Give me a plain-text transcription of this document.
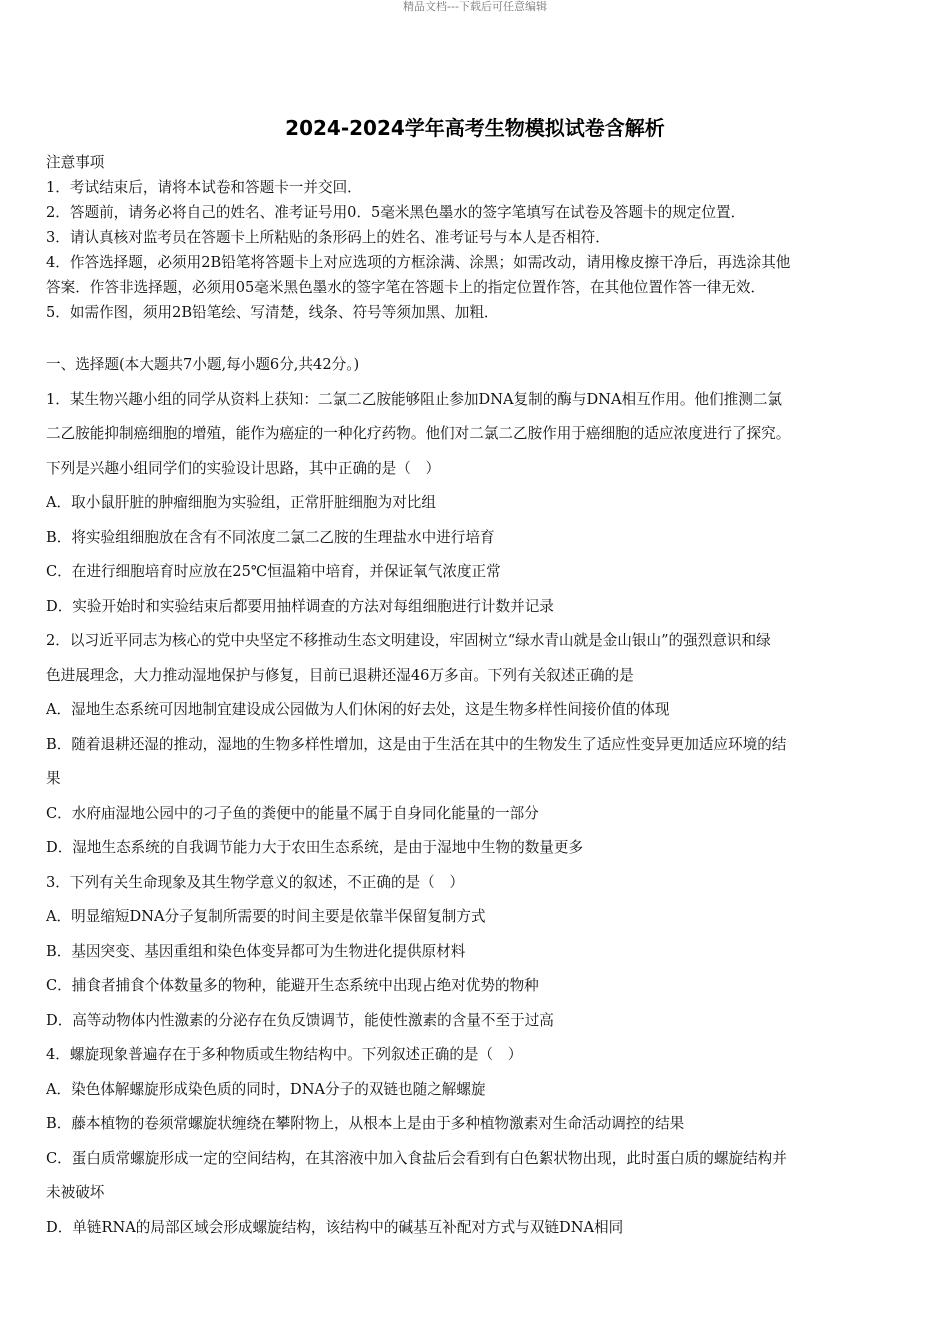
精品文档---下载后可任意编辑
2024-2024学年高考生物模拟试卷含解析
注意事项
1．考试结束后，请将本试卷和答题卡一并交回．
2．答题前，请务必将自己的姓名、准考证号用0．5毫米黑色墨水的签字笔填写在试卷及答题卡的规定位置．
3．请认真核对监考员在答题卡上所粘贴的条形码上的姓名、准考证号与本人是否相符．
4．作答选择题，必须用2B铅笔将答题卡上对应选项的方框涂满、涂黑；如需改动，请用橡皮擦干净后，再选涂其他
答案．作答非选择题，必须用05毫米黑色墨水的签字笔在答题卡上的指定位置作答，在其他位置作答一律无效．
5．如需作图，须用2B铅笔绘、写清楚，线条、符号等须加黑、加粗．
一、选择题(本大题共7小题,每小题6分,共42分。)
1．某生物兴趣小组的同学从资料上获知：二氯二乙胺能够阻止参加DNA复制的酶与DNA相互作用。他们推测二氯
二乙胺能抑制癌细胞的增殖，能作为癌症的一种化疗药物。他们对二氯二乙胺作用于癌细胞的适应浓度进行了探究。
下列是兴趣小组同学们的实验设计思路，其中正确的是（　）
A．取小鼠肝脏的肿瘤细胞为实验组，正常肝脏细胞为对比组
B．将实验组细胞放在含有不同浓度二氯二乙胺的生理盐水中进行培育
C．在进行细胞培育时应放在25℃恒温箱中培育，并保证氧气浓度正常
D．实验开始时和实验结束后都要用抽样调查的方法对每组细胞进行计数并记录
2．以习近平同志为核心的党中央坚定不移推动生态文明建设，牢固树立“绿水青山就是金山银山”的强烈意识和绿
色进展理念，大力推动湿地保护与修复，目前已退耕还湿46万多亩。下列有关叙述正确的是
A．湿地生态系统可因地制宜建设成公园做为人们休闲的好去处，这是生物多样性间接价值的体现
B．随着退耕还湿的推动，湿地的生物多样性增加，这是由于生活在其中的生物发生了适应性变异更加适应环境的结
果
C．水府庙湿地公园中的刁子鱼的粪便中的能量不属于自身同化能量的一部分
D．湿地生态系统的自我调节能力大于农田生态系统，是由于湿地中生物的数量更多
3．下列有关生命现象及其生物学意义的叙述，不正确的是（　）
A．明显缩短DNA分子复制所需要的时间主要是依靠半保留复制方式
B．基因突变、基因重组和染色体变异都可为生物进化提供原材料
C．捕食者捕食个体数量多的物种，能避开生态系统中出现占绝对优势的物种
D．高等动物体内性激素的分泌存在负反馈调节，能使性激素的含量不至于过高
4．螺旋现象普遍存在于多种物质或生物结构中。下列叙述正确的是（　）
A．染色体解螺旋形成染色质的同时，DNA分子的双链也随之解螺旋
B．藤本植物的卷须常螺旋状缠绕在攀附物上，从根本上是由于多种植物激素对生命活动调控的结果
C．蛋白质常螺旋形成一定的空间结构，在其溶液中加入食盐后会看到有白色絮状物出现，此时蛋白质的螺旋结构并
未被破坏
D．单链RNA的局部区域会形成螺旋结构，该结构中的碱基互补配对方式与双链DNA相同
